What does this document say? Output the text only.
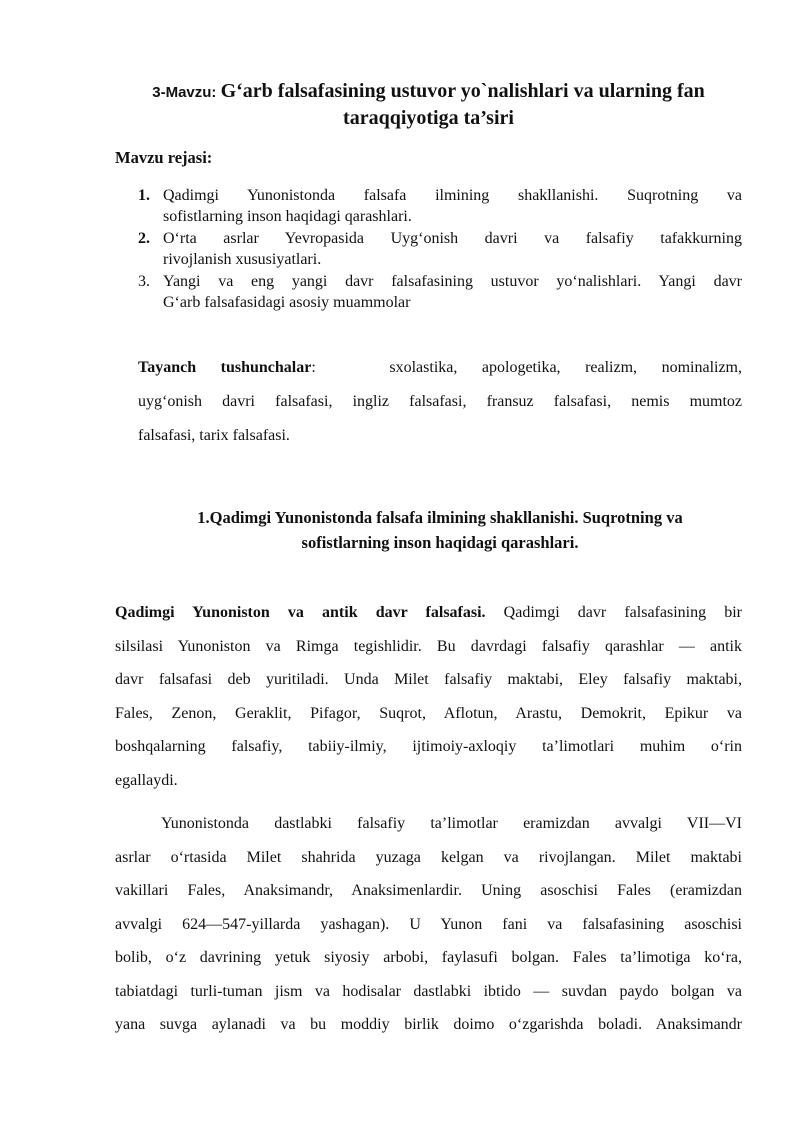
3-Mavzu: G‘arb falsafasining ustuvor yo`nalishlari va ularning fan
taraqqiyotiga ta’siri
Mavzu rejasi:
1. Qadimgi Yunonistonda falsafa ilmining shakllanishi. Suqrotning va
sofistlarning inson haqidagi qarashlari.
2. O‘rta asrlar Yevropasida Uyg‘onish davri va falsafiy tafakkurning
rivojlanish xususiyatlari.
3. Yangi va eng yangi davr falsafasining ustuvor yo‘nalishlari. Yangi davr
G‘arb falsafasidagi asosiy muammolar
Tayanch tushunchalar:	sxolastika, apologetika, realizm, nominalizm,
uyg‘onish davri falsafasi, ingliz falsafasi, fransuz falsafasi, nemis mumtoz
falsafasi, tarix falsafasi.
1.Qadimgi Yunonistonda falsafa ilmining shakllanishi. Suqrotning va
sofistlarning inson haqidagi qarashlari.
Qadimgi Yunoniston va antik davr falsafasi. Qadimgi davr falsafasining bir
silsilasi Yunoniston va Rimga tegishlidir. Bu davrdagi falsafiy qarashlar — antik
davr falsafasi deb yuritiladi. Unda Milet falsafiy maktabi, Eley falsafiy maktabi,
Fales, Zenon, Geraklit, Pifagor, Suqrot, Aflotun, Arastu, Demokrit, Epikur va
boshqalarning falsafiy, tabiiy-ilmiy, ijtimoiy-axloqiy ta’limotlari muhim o‘rin
egallaydi.
Yunonistonda dastlabki falsafiy ta’limotlar eramizdan avvalgi VII—VI
asrlar o‘rtasida Milet shahrida yuzaga kelgan va rivojlangan. Milet maktabi
vakillari Fales, Anaksimandr, Anaksimenlardir. Uning asoschisi Fales (eramizdan
avvalgi 624—547-yillarda yashagan). U Yunon fani va falsafasining asoschisi
bolib, o‘z davrining yetuk siyosiy arbobi, faylasufi bolgan. Fales ta’limotiga ko‘ra,
tabiatdagi turli-tuman jism va hodisalar dastlabki ibtido — suvdan paydo bolgan va
yana suvga aylanadi va bu moddiy birlik doimo o‘zgarishda boladi. Anaksimandr
